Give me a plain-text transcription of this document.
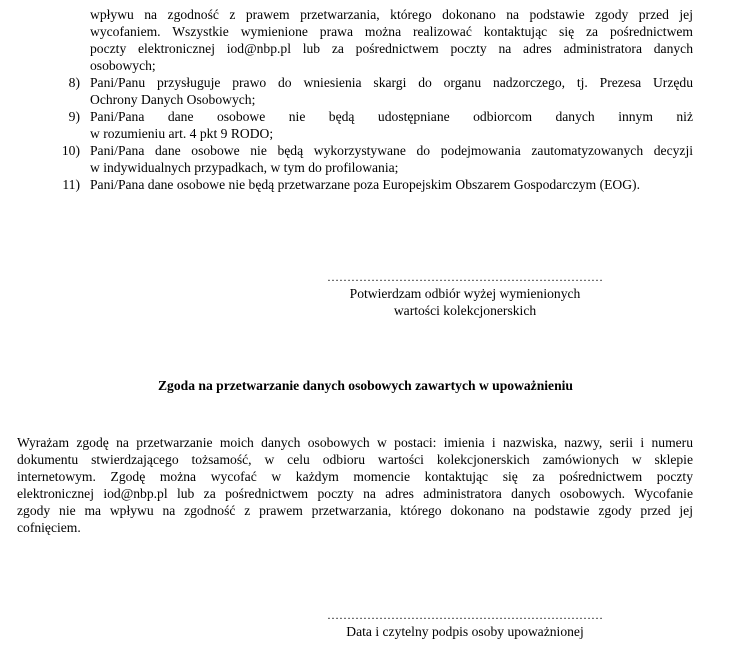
wpływu na zgodność z prawem przetwarzania, którego dokonano na podstawie zgody przed jej
wycofaniem. Wszystkie wymienione prawa można realizować kontaktując się za pośrednictwem
poczty elektronicznej iod@nbp.pl lub za pośrednictwem poczty na adres administratora danych
osobowych;
8) Pani/Panu przysługuje prawo do wniesienia skargi do organu nadzorczego, tj. Prezesa Urzędu
Ochrony Danych Osobowych;
9) Pani/Pana dane osobowe nie będą udostępniane odbiorcom danych innym niż
w rozumieniu art. 4 pkt 9 RODO;
10) Pani/Pana dane osobowe nie będą wykorzystywane do podejmowania zautomatyzowanych decyzji
w indywidualnych przypadkach, w tym do profilowania;
11) Pani/Pana dane osobowe nie będą przetwarzane poza Europejskim Obszarem Gospodarczym (EOG).
……………………………………………………………
Potwierdzam odbiór wyżej wymienionych
wartości kolekcjonerskich
Zgoda na przetwarzanie danych osobowych zawartych w upoważnieniu
Wyrażam zgodę na przetwarzanie moich danych osobowych w postaci: imienia i nazwiska, nazwy, serii i numeru
dokumentu stwierdzającego tożsamość, w celu odbioru wartości kolekcjonerskich zamówionych w sklepie
internetowym. Zgodę można wycofać w każdym momencie kontaktując się za pośrednictwem poczty
elektronicznej iod@nbp.pl lub za pośrednictwem poczty na adres administratora danych osobowych. Wycofanie
zgody nie ma wpływu na zgodność z prawem przetwarzania, którego dokonano na podstawie zgody przed jej
cofnięciem.
……………………………………………………………
Data i czytelny podpis osoby upoważnionej
